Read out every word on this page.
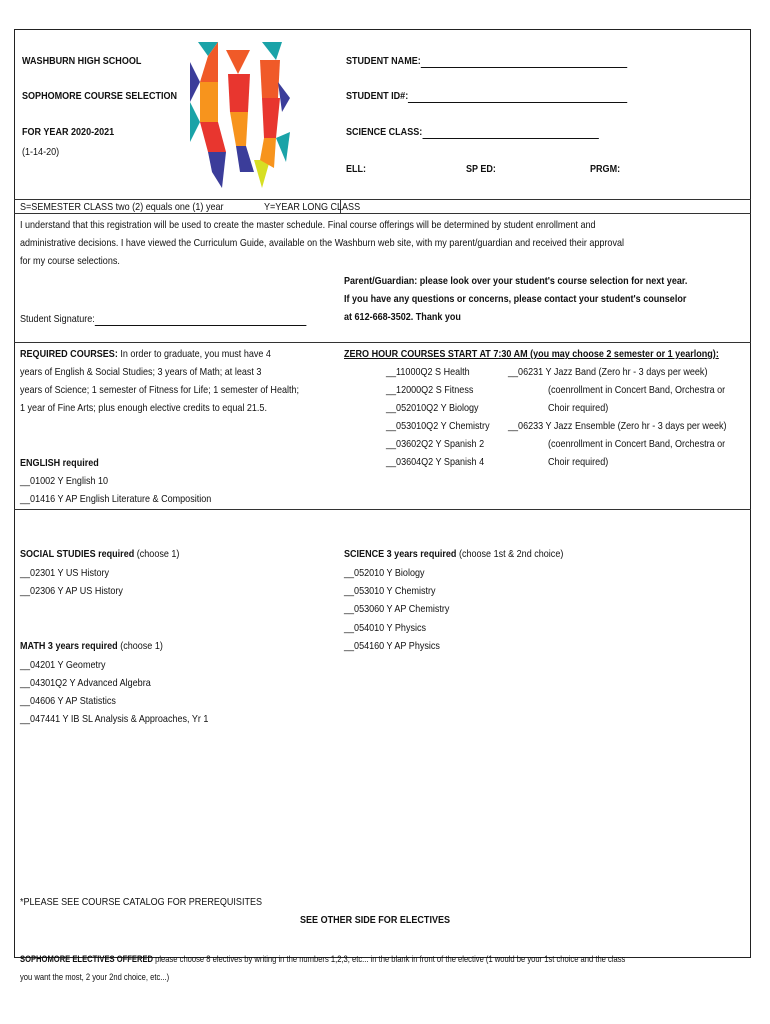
WASHBURN HIGH SCHOOL
SOPHOMORE COURSE SELECTION
FOR YEAR 2020-2021
(1-14-20)
STUDENT NAME:
STUDENT ID#:
SCIENCE CLASS:
ELL:	SP ED:	PRGM:
S=SEMESTER CLASS two (2) equals one (1) year	Y=YEAR LONG CLASS
I understand that this registration will be used to create the master schedule. Final course offerings will be determined by student enrollment and
administrative decisions. I have viewed the Curriculum Guide, available on the Washburn web site, with my parent/guardian and received their approval
for my course selections.
Parent/Guardian: please look over your student's course selection for next year.
If you have any questions or concerns, please contact your student's counselor
at 612-668-3502. Thank you
Student Signature:
REQUIRED COURSES: In order to graduate, you must have 4
years of English & Social Studies; 3 years of Math; at least 3
years of Science; 1 semester of Fitness for Life; 1 semester of Health;
1 year of Fine Arts; plus enough elective credits to equal 21.5.
ZERO HOUR COURSES START AT 7:30 AM (you may choose 2 semester or 1 yearlong):
__11000Q2 S Health
__12000Q2 S Fitness
__052010Q2 Y Biology
__053010Q2 Y Chemistry
__03602Q2 Y Spanish 2
__03604Q2 Y Spanish 4
__06231 Y Jazz Band (Zero hr - 3 days per week)
(coenrollment in Concert Band, Orchestra or
Choir required)
__06233 Y Jazz Ensemble (Zero hr - 3 days per week)
(coenrollment in Concert Band, Orchestra or
Choir required)
ENGLISH required
__01002 Y English 10
__01416 Y AP English Literature & Composition
SOCIAL STUDIES required (choose 1)
__02301 Y US History
__02306 Y AP US History
SCIENCE 3 years required (choose 1st & 2nd choice)
__052010 Y Biology
__053010 Y Chemistry
__053060 Y AP Chemistry
__054010 Y Physics
__054160 Y AP Physics
MATH 3 years required (choose 1)
__04201 Y Geometry
__04301Q2 Y Advanced Algebra
__04606 Y AP Statistics
__047441 Y IB SL Analysis & Approaches, Yr 1
*PLEASE SEE COURSE CATALOG FOR PREREQUISITES
SEE OTHER SIDE FOR ELECTIVES
SOPHOMORE ELECTIVES OFFERED please choose 8 electives by writing in the numbers 1,2,3, etc... in the blank in front of the elective (1 would be your 1st choice and the class
you want the most, 2 your 2nd choice, etc...)
